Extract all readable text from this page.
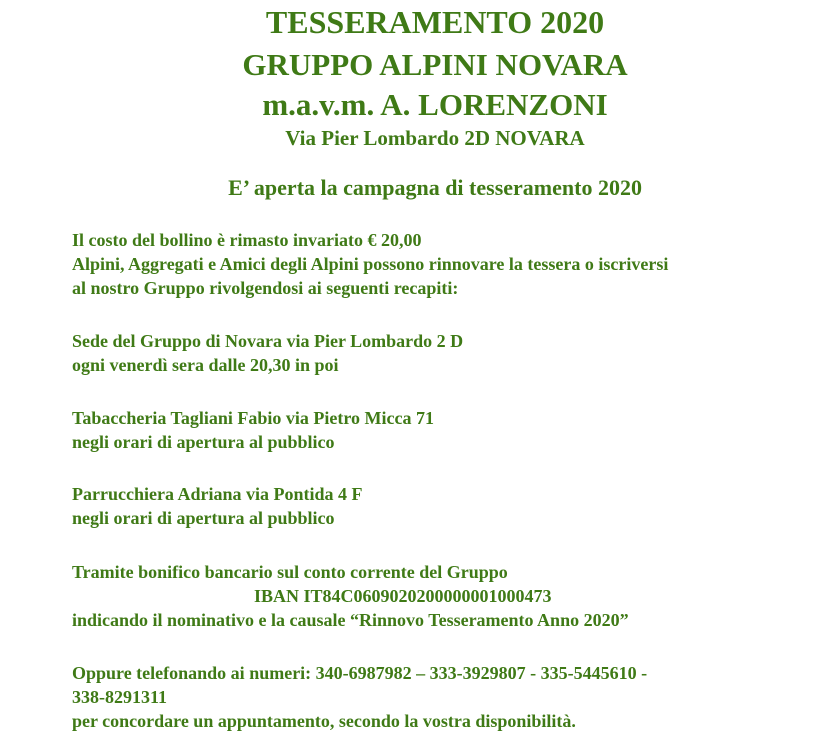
TESSERAMENTO 2020
GRUPPO ALPINI NOVARA
m.a.v.m. A. LORENZONI
Via Pier Lombardo 2D NOVARA
E’ aperta la campagna di tesseramento 2020
Il costo del bollino è rimasto invariato € 20,00
Alpini, Aggregati e Amici degli Alpini possono rinnovare la tessera o iscriversi
al nostro Gruppo rivolgendosi ai seguenti recapiti:
Sede del Gruppo di Novara via Pier Lombardo 2 D
ogni venerdì sera dalle 20,30 in poi
Tabaccheria Tagliani Fabio via Pietro Micca 71
negli orari di apertura al pubblico
Parrucchiera Adriana via Pontida 4 F
negli orari di apertura al pubblico
Tramite bonifico bancario sul conto corrente del Gruppo
IBAN IT84C0609020200000001000473
indicando il nominativo e la causale “Rinnovo Tesseramento Anno 2020”
Oppure telefonando ai numeri: 340-6987982 – 333-3929807 - 335-5445610 -
338-8291311
per concordare un appuntamento, secondo la vostra disponibilità.
